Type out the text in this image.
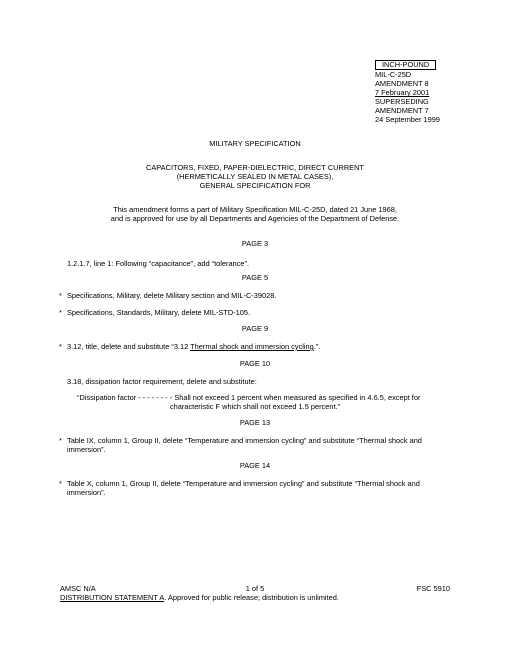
INCH-POUND
MIL-C-25D
AMENDMENT 8
7 February 2001
SUPERSEDING
AMENDMENT 7
24 September 1999
MILITARY SPECIFICATION
CAPACITORS, FIXED, PAPER-DIELECTRIC, DIRECT CURRENT
(HERMETICALLY SEALED IN METAL CASES),
GENERAL SPECIFICATION FOR
This amendment forms a part of Military Specification MIL-C-25D, dated 21 June 1968,
and is approved for use by all Departments and Agencies of the Department of Defense.
PAGE 3
1.2.1.7, line 1: Following “capacitance”, add “tolerance”.
PAGE 5
* Specifications, Military, delete Military section and MIL-C-39028.
* Specifications, Standards, Military, delete MIL-STD-105.
PAGE 9
* 3.12, title, delete and substitute “3.12 Thermal shock and immersion cycling.”.
PAGE 10
3.18, dissipation factor requirement, delete and substitute:
“Dissipation factor - - - - - - - - Shall not exceed 1 percent when measured as specified in 4.6.5, except for
characteristic F which shall not exceed 1.5 percent.”
PAGE 13
* Table IX, column 1, Group II, delete “Temperature and immersion cycling” and substitute “Thermal shock and
immersion”.
PAGE 14
* Table X, column 1, Group II, delete “Temperature and immersion cycling” and substitute “Thermal shock and
immersion”.
AMSC N/A	1 of 5	FSC 5910
DISTRIBUTION STATEMENT A. Approved for public release; distribution is unlimited.
